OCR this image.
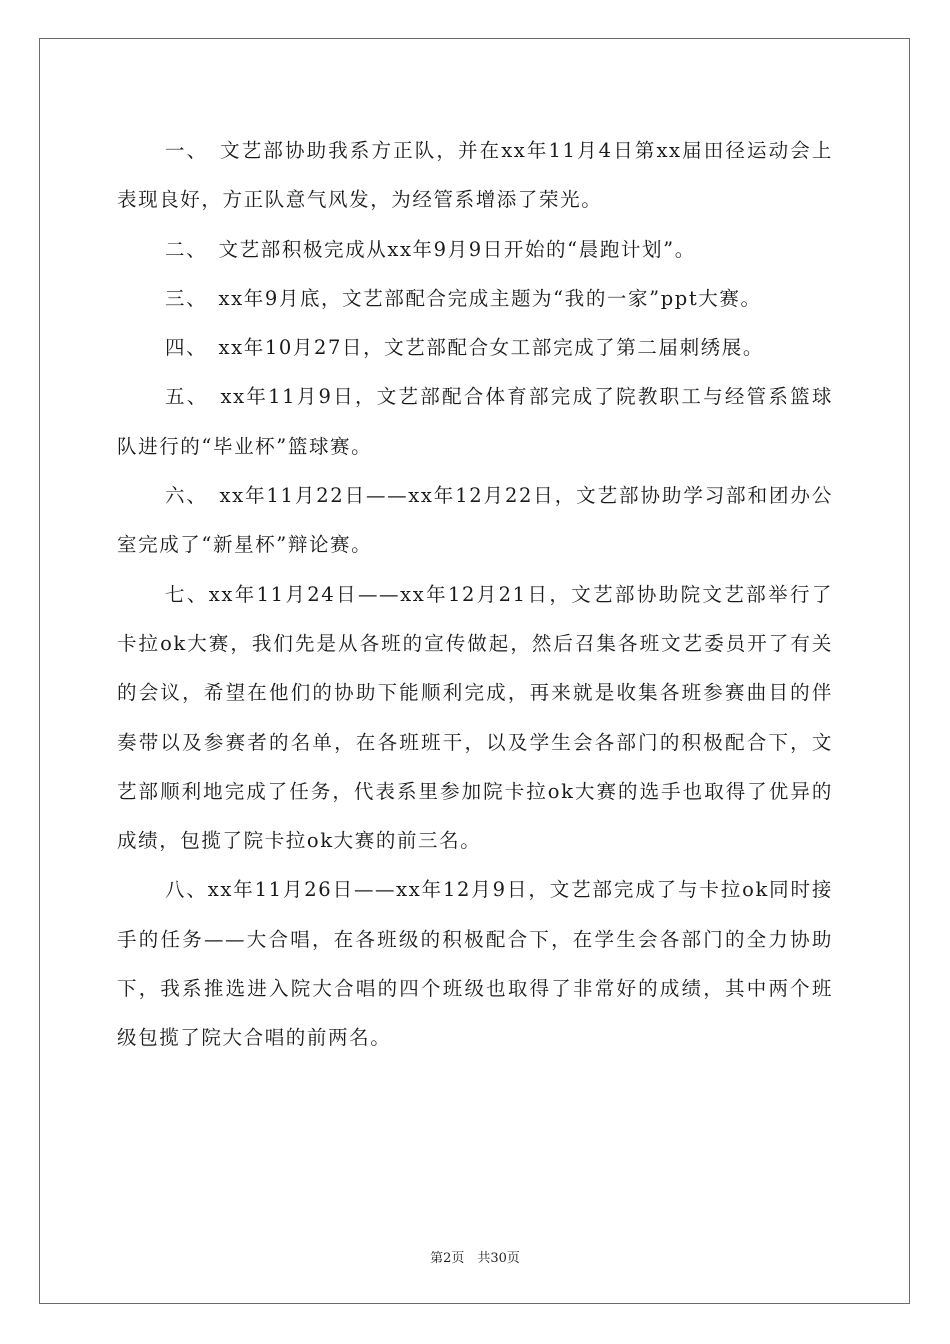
一、　文艺部协助我系方正队，并在xx年11月4日第xx届田径运动会上表现良好，方正队意气风发，为经管系增添了荣光。

二、　文艺部积极完成从xx年9月9日开始的“晨跑计划”。

三、　xx年9月底，文艺部配合完成主题为“我的一家”ppt大赛。

四、　xx年10月27日，文艺部配合女工部完成了第二届刺绣展。

五、　xx年11月9日，文艺部配合体育部完成了院教职工与经管系篮球队进行的“毕业杯”篮球赛。

六、　xx年11月22日——xx年12月22日，文艺部协助学习部和团办公室完成了“新星杯”辩论赛。

七、xx年11月24日——xx年12月21日，文艺部协助院文艺部举行了卡拉ok大赛，我们先是从各班的宣传做起，然后召集各班文艺委员开了有关的会议，希望在他们的协助下能顺利完成，再来就是收集各班参赛曲目的伴奏带以及参赛者的名单，在各班班干，以及学生会各部门的积极配合下，文艺部顺利地完成了任务，代表系里参加院卡拉ok大赛的选手也取得了优异的成绩，包揽了院卡拉ok大赛的前三名。

八、xx年11月26日——xx年12月9日，文艺部完成了与卡拉ok同时接手的任务——大合唱，在各班级的积极配合下，在学生会各部门的全力协助下，我系推选进入院大合唱的四个班级也取得了非常好的成绩，其中两个班级包揽了院大合唱的前两名。

第2页　共30页
